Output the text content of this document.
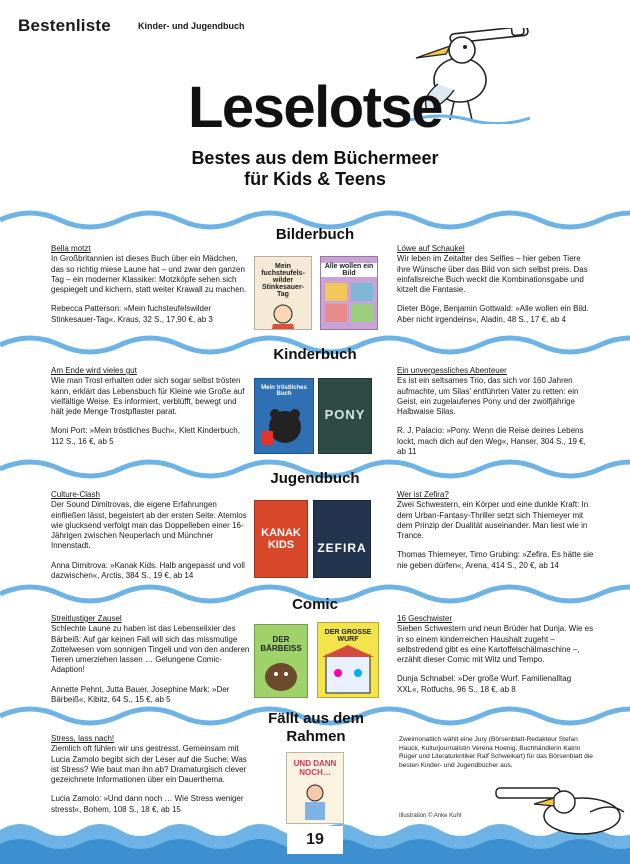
Bestenliste	Kinder- und Jugendbuch
Leselotse
Bestes aus dem Büchermeer
für Kids & Teens
Bilderbuch

Bella motzt

In Großbritannien ist dieses Buch über ein Mädchen, das so richtig miese Laune hat – und zwar den ganzen Tag – ein moderner Klassiker: Motzköpfe sehen sich gespiegelt und kichern, statt weiter Krawall zu machen.

Rebecca Patterson: »Mein fuchsteufelswilder Stinkesauer-Tag«. Kraus, 32 S., 17,90 €, ab 3

Mein fuchsteufels-wilder Stinkesauer-Tag
Alle wollen ein Bild

Löwe auf Schaukel

Wir leben im Zeitalter des Selfies – hier geben Tiere ihre Wünsche über das Bild von sich selbst preis. Das einfallsreiche Buch weckt die Kombinationsgabe und kitzelt die Fantasie.

Dieter Böge, Benjamin Gottwald: »Alle wollen ein Bild. Aber nicht irgendeins«, Aladin, 48 S., 17 €, ab 4

Kinderbuch

Am Ende wird vieles gut

Wie man Trost erhalten oder sich sogar selbst trösten kann, erklärt das Lebensbuch für Kleine wie Große auf vielfältige Weise. Es informiert, verblüfft, bewegt und hält jede Menge Trostpflaster parat.

Moni Port: »Mein tröstliches Buch«, Klett Kinderbuch, 112 S., 16 €, ab 5

Mein tröstliches Buch
PONY

Ein unvergessliches Abenteuer

Es ist ein seltsames Trio, das sich vor 160 Jahren aufmachte, um Silas' entführten Vater zu retten: ein Geist, ein zugelaufenes Pony und der zwölfjährige Halbwaise Silas.

R. J. Palacio: »Pony. Wenn die Reise deines Lebens lockt, mach dich auf den Weg«, Hanser, 304 S., 19 €, ab 11

Jugendbuch

Culture-Clash

Der Sound Dimitrovas, die eigene Erfahrungen einfließen lässt, begeistert ab der ersten Seite: Atemlos wie glucksend verfolgt man das Doppelleben einer 16-Jährigen zwischen Neuperlach und Münchner Innenstadt.

Anna Dimitrova: »Kanak Kids. Halb angepasst und voll dazwischen«, Arctis, 384 S., 19 €, ab 14

KANAK KIDS	ZEFIRA

Wer ist Zefira?

Zwei Schwestern, ein Körper und eine dunkle Kraft: In dem Urban-Fantasy-Thriller setzt sich Thiemeyer mit dem Prinzip der Dualität auseinander. Man liest wie in Trance.

Thomas Thiemeyer, Timo Grubing: »Zefira. Es hätte sie nie geben dürfen«, Arena, 414 S., 20 €, ab 14

Comic

Streitlustiger Zausel

Schlechte Laune zu haben ist das Lebenselixier des Bärbeiß: Auf gar keinen Fall will sich das missmutige Zottelwesen vom sonnigen Tingeli und von den anderen Tieren umerziehen lassen … Gelungene Comic-Adaption!

Annette Pehnt, Jutta Bauer, Josephine Mark: »Der Bärbeiß«, Kibitz, 64 S., 15 €, ab 5

DER BÄRBEISS
DER GROSSE WURF

16 Geschwister

Sieben Schwestern und neun Brüder hat Dunja. Wie es in so einem kinderreichen Haushalt zugeht – selbstredend gibt es eine Kartoffelschälmaschine –, erzählt dieser Comic mit Witz und Tempo.

Dunja Schnabel: »Der große Wurf. Familienalltag XXL«, Rotfuchs, 96 S., 18 €, ab 8

Fällt aus dem Rahmen

Stress, lass nach!

Ziemlich oft fühlen wir uns gestresst. Gemeinsam mit Lucia Zamolo begibt sich der Leser auf die Suche: Was ist Stress? Wie baut man ihn ab? Dramaturgisch clever gezeichnete Informationen über ein Dauerthema.

Lucia Zamolo: »Und dann noch … Wie Stress weniger stresst«, Bohem, 108 S., 18 €, ab 15

UND DANN NOCH…
Zweimonatlich wählt eine Jury (Börsenblatt-Redakteur Stefan Hauck, Kulturjournalistin Verena Hoenig, Buchhändlerin Katrin Rüger und Literaturkritiker Ralf Schweikart) für das Börsenblatt die besten Kinder- und Jugendbücher aus.
Illustration © Anke Kuhl
19
